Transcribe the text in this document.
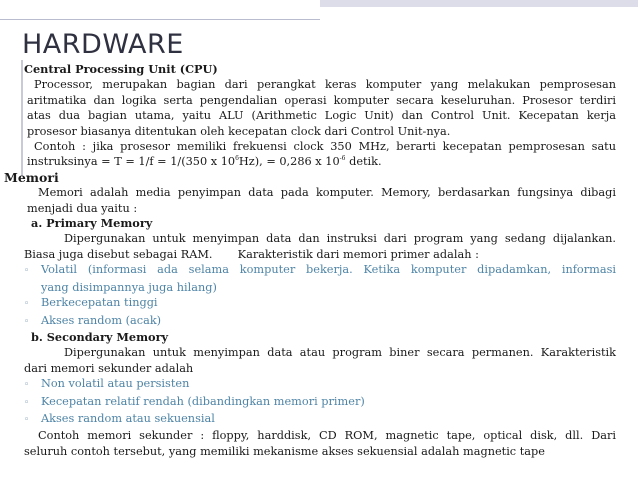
HARDWARE
Central Processing Unit (CPU)
Processor, merupakan bagian dari perangkat keras komputer yang melakukan pemprosesan
aritmatika dan logika serta pengendalian operasi komputer secara keseluruhan. Prosesor terdiri
atas dua bagian utama, yaitu ALU (Arithmetic Logic Unit) dan Control Unit. Kecepatan kerja
prosesor biasanya ditentukan oleh kecepatan clock dari Control Unit-nya.
Contoh : jika prosesor memiliki frekuensi clock 350 MHz, berarti kecepatan pemprosesan satu
instruksinya = T = 1/f = 1/(350 x $10^6Hz$), = 0,286 x $10^{-6}$ detik.
Memori
Memori adalah media penyimpan data pada komputer. Memory, berdasarkan fungsinya dibagi
menjadi dua yaitu :
a. Primary Memory
Dipergunakan untuk menyimpan data dan instruksi dari program yang sedang dijalankan.
Biasa juga disebut sebagai RAM.       Karakteristik dari memori primer adalah :
◦ Volatil (informasi ada selama komputer bekerja. Ketika komputer dipadamkan, informasi
yang disimpannya juga hilang)
◦ Berkecepatan tinggi
◦ Akses random (acak)
b. Secondary Memory
Dipergunakan untuk menyimpan data atau program biner secara permanen. Karakteristik
dari memori sekunder adalah
◦ Non volatil atau persisten
◦ Kecepatan relatif rendah (dibandingkan memori primer)
◦ Akses random atau sekuensial
Contoh memori sekunder : floppy, harddisk, CD ROM, magnetic tape, optical disk, dll. Dari
seluruh contoh tersebut, yang memiliki mekanisme akses sekuensial adalah magnetic tape
